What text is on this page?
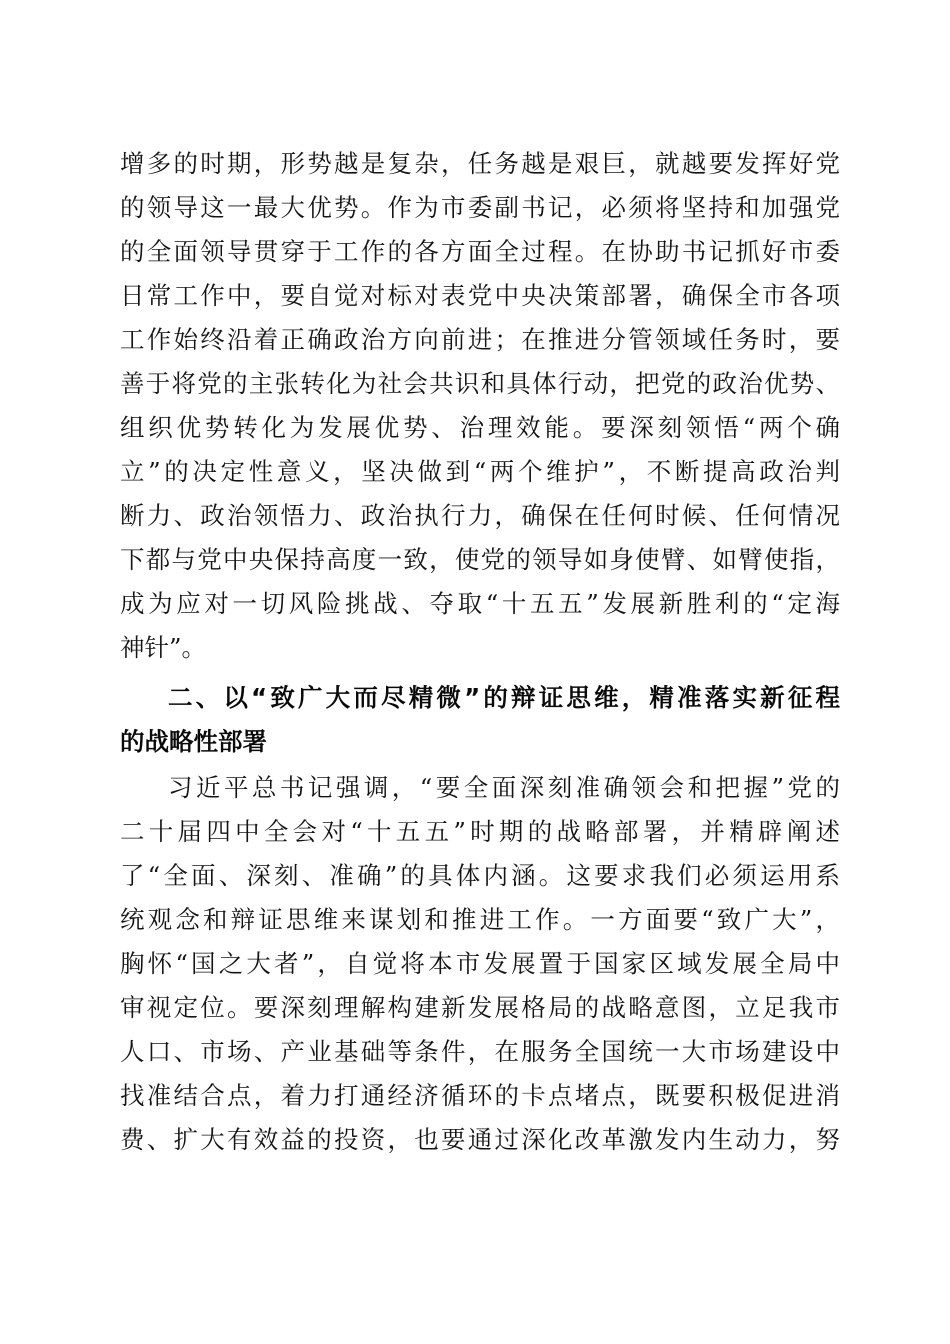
增多的时期，形势越是复杂，任务越是艰巨，就越要发挥好党
的领导这一最大优势。作为市委副书记，必须将坚持和加强党
的全面领导贯穿于工作的各方面全过程。在协助书记抓好市委
日常工作中，要自觉对标对表党中央决策部署，确保全市各项
工作始终沿着正确政治方向前进；在推进分管领域任务时，要
善于将党的主张转化为社会共识和具体行动，把党的政治优势、
组织优势转化为发展优势、治理效能。要深刻领悟“两个确
立”的决定性意义，坚决做到“两个维护”，不断提高政治判
断力、政治领悟力、政治执行力，确保在任何时候、任何情况
下都与党中央保持高度一致，使党的领导如身使臂、如臂使指，
成为应对一切风险挑战、夺取“十五五”发展新胜利的“定海
神针”。
二、以“致广大而尽精微”的辩证思维，精准落实新征程
的战略性部署
习近平总书记强调，“要全面深刻准确领会和把握”党的
二十届四中全会对“十五五”时期的战略部署，并精辟阐述
了“全面、深刻、准确”的具体内涵。这要求我们必须运用系
统观念和辩证思维来谋划和推进工作。一方面要“致广大”，
胸怀“国之大者”，自觉将本市发展置于国家区域发展全局中
审视定位。要深刻理解构建新发展格局的战略意图，立足我市
人口、市场、产业基础等条件，在服务全国统一大市场建设中
找准结合点，着力打通经济循环的卡点堵点，既要积极促进消
费、扩大有效益的投资，也要通过深化改革激发内生动力，努
